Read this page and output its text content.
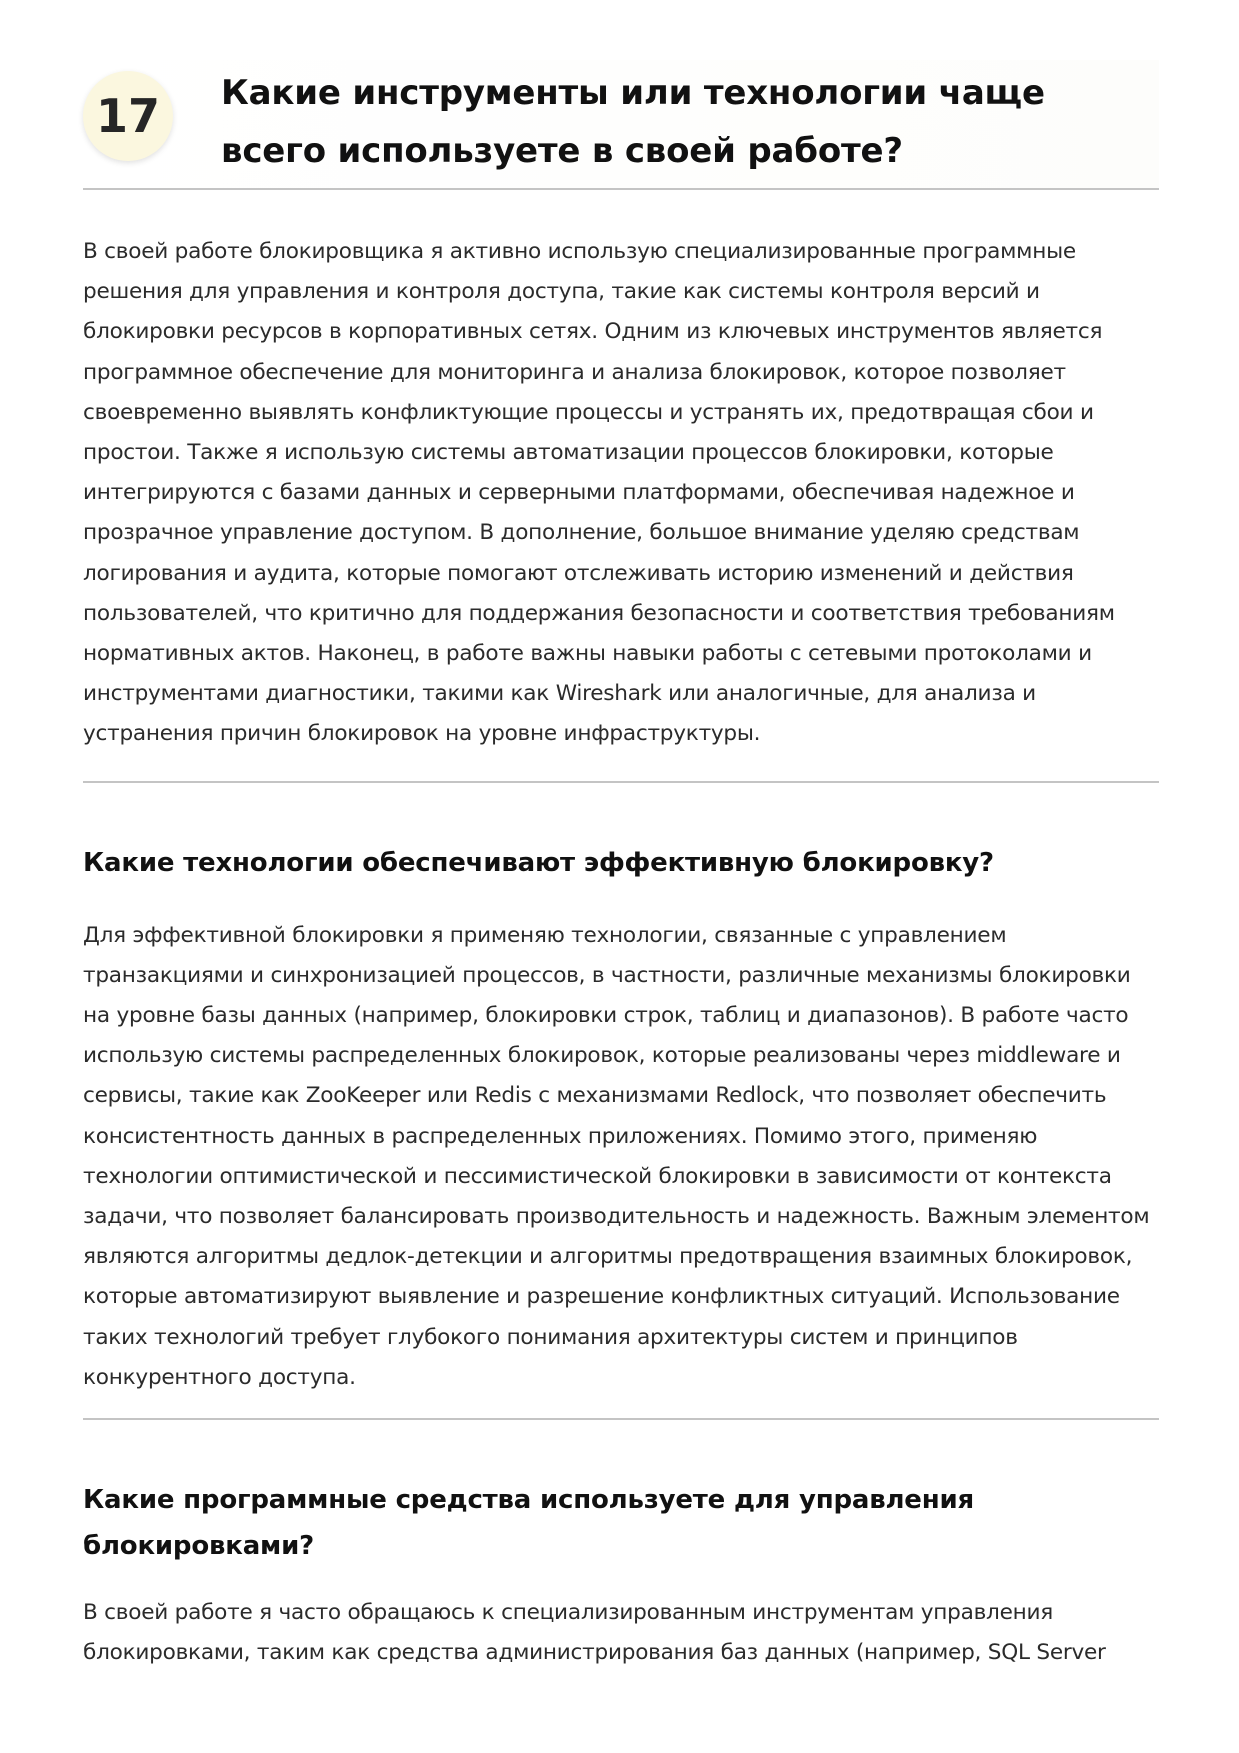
17	Какие инструменты или технологии чаще всего используете в своей работе?

В своей работе блокировщика я активно использую специализированные программные решения для управления и контроля доступа, такие как системы контроля версий и блокировки ресурсов в корпоративных сетях. Одним из ключевых инструментов является программное обеспечение для мониторинга и анализа блокировок, которое позволяет своевременно выявлять конфликтующие процессы и устранять их, предотвращая сбои и простои. Также я использую системы автоматизации процессов блокировки, которые интегрируются с базами данных и серверными платформами, обеспечивая надежное и прозрачное управление доступом. В дополнение, большое внимание уделяю средствам логирования и аудита, которые помогают отслеживать историю изменений и действия пользователей, что критично для поддержания безопасности и соответствия требованиям нормативных актов. Наконец, в работе важны навыки работы с сетевыми протоколами и инструментами диагностики, такими как Wireshark или аналогичные, для анализа и устранения причин блокировок на уровне инфраструктуры.

Какие технологии обеспечивают эффективную блокировку?

Для эффективной блокировки я применяю технологии, связанные с управлением транзакциями и синхронизацией процессов, в частности, различные механизмы блокировки на уровне базы данных (например, блокировки строк, таблиц и диапазонов). В работе часто использую системы распределенных блокировок, которые реализованы через middleware и сервисы, такие как ZooKeeper или Redis с механизмами Redlock, что позволяет обеспечить консистентность данных в распределенных приложениях. Помимо этого, применяю технологии оптимистической и пессимистической блокировки в зависимости от контекста задачи, что позволяет балансировать производительность и надежность. Важным элементом являются алгоритмы дедлок-детекции и алгоритмы предотвращения взаимных блокировок, которые автоматизируют выявление и разрешение конфликтных ситуаций. Использование таких технологий требует глубокого понимания архитектуры систем и принципов конкурентного доступа.

Какие программные средства используете для управления блокировками?

В своей работе я часто обращаюсь к специализированным инструментам управления блокировками, таким как средства администрирования баз данных (например, SQL Server
